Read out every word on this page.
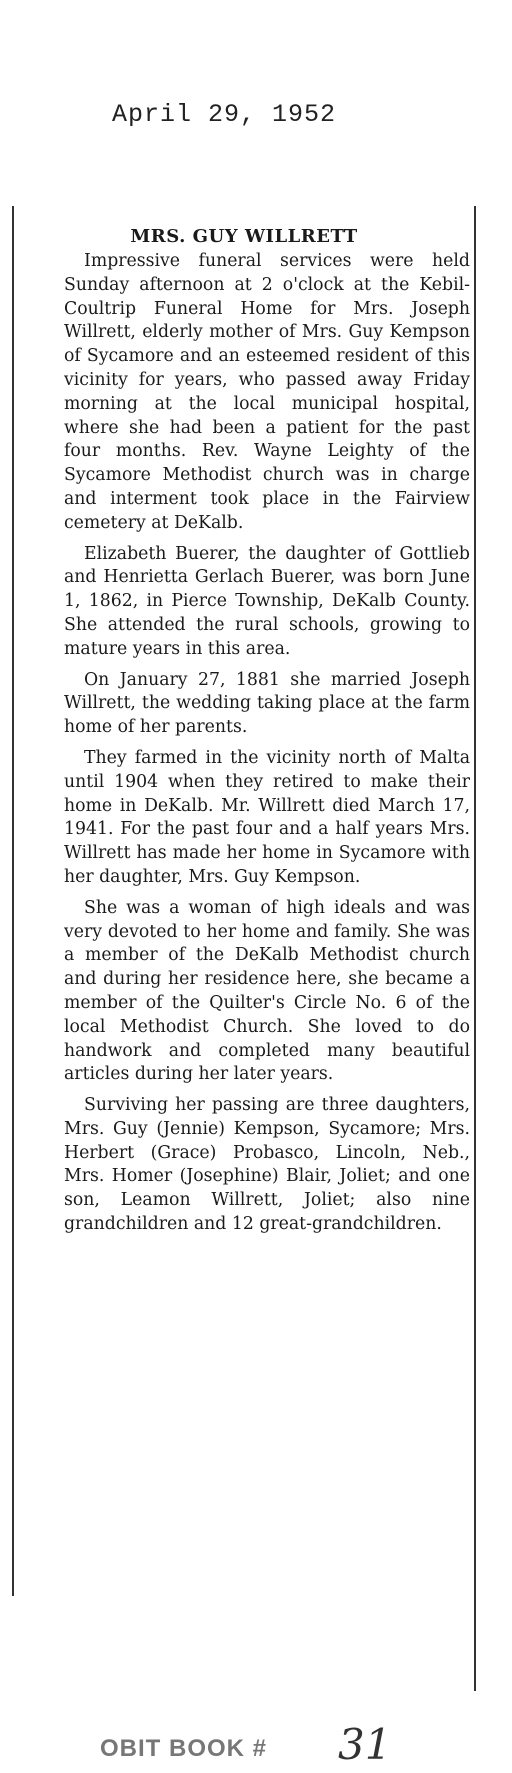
April 29, 1952
MRS. GUY WILLRETT

Impressive funeral services were held Sunday afternoon at 2 o'clock at the Kebil-Coultrip Funeral Home for Mrs. Joseph Willrett, elderly mother of Mrs. Guy Kempson of Sycamore and an esteemed resident of this vicinity for years, who passed away Friday morning at the local municipal hospital, where she had been a patient for the past four months. Rev. Wayne Leighty of the Sycamore Methodist church was in charge and interment took place in the Fairview cemetery at DeKalb.

Elizabeth Buerer, the daughter of Gottlieb and Henrietta Gerlach Buerer, was born June 1, 1862, in Pierce Township, DeKalb County. She attended the rural schools, growing to mature years in this area.

On January 27, 1881 she married Joseph Willrett, the wedding taking place at the farm home of her parents.

They farmed in the vicinity north of Malta until 1904 when they retired to make their home in DeKalb. Mr. Willrett died March 17, 1941. For the past four and a half years Mrs. Willrett has made her home in Sycamore with her daughter, Mrs. Guy Kempson.

She was a woman of high ideals and was very devoted to her home and family. She was a member of the DeKalb Methodist church and during her residence here, she became a member of the Quilter's Circle No. 6 of the local Methodist Church. She loved to do handwork and completed many beautiful articles during her later years.

Surviving her passing are three daughters, Mrs. Guy (Jennie) Kempson, Sycamore; Mrs. Herbert (Grace) Probasco, Lincoln, Neb., Mrs. Homer (Josephine) Blair, Joliet; and one son, Leamon Willrett, Joliet; also nine grandchildren and 12 great-grandchildren.

OBIT BOOK # 31
